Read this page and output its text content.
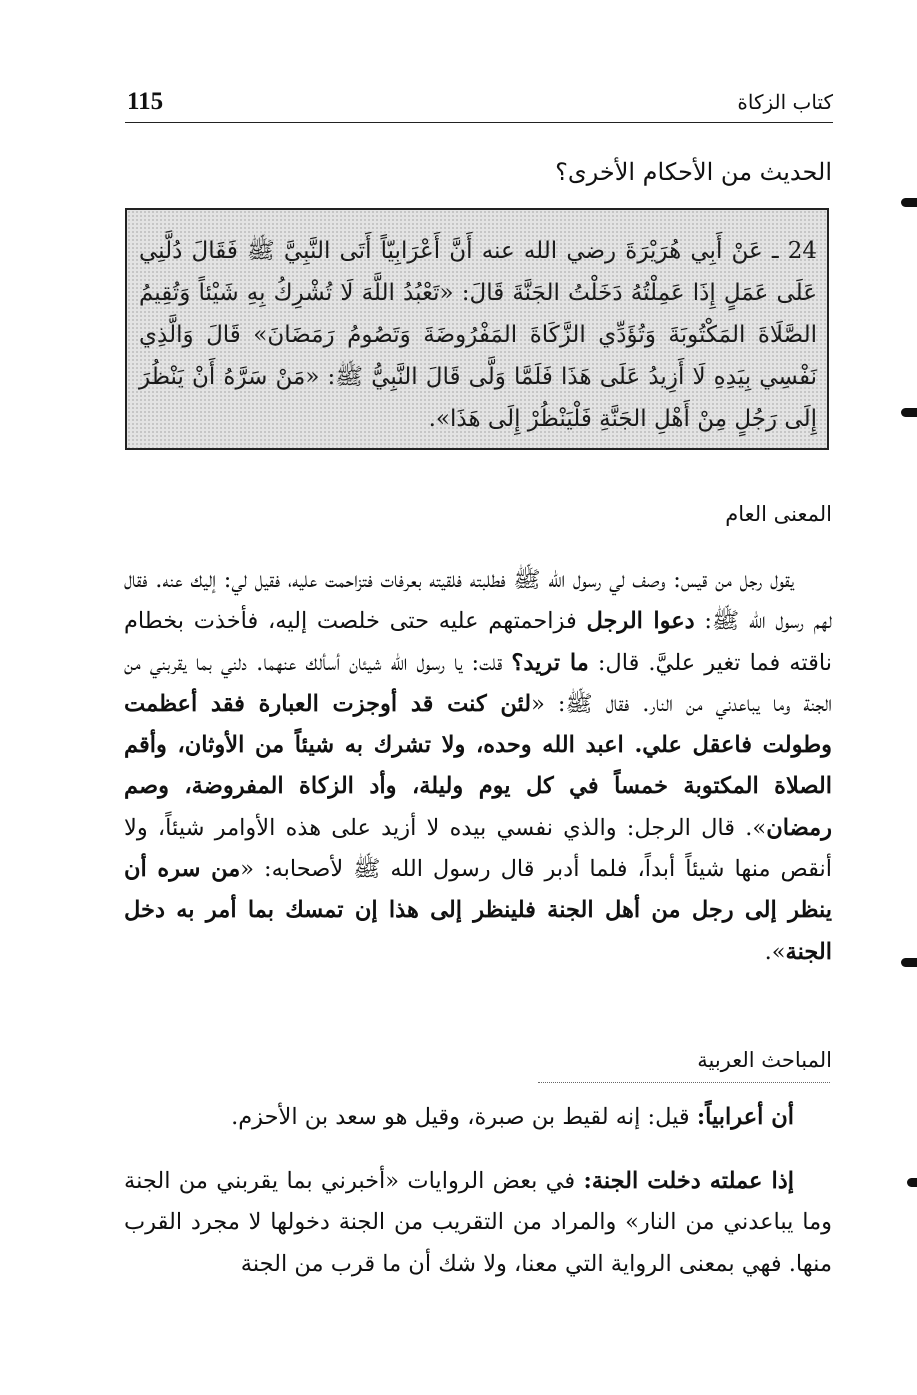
115	كتاب الزكاة
الحديث من الأحكام الأخرى؟
24 ـ عَنْ أَبِي هُرَيْرَةَ رضي الله عنه أَنَّ أَعْرَابِيّاً أَتَى النَّبِيَّ ﷺ فَقَالَ دُلَّنِي عَلَى عَمَلٍ إِذَا عَمِلْتُهُ دَخَلْتُ الجَنَّةَ قَالَ: «تَعْبُدُ اللَّهَ لَا تُشْرِكُ بِهِ شَيْئاً وَتُقِيمُ الصَّلَاةَ المَكْتُوبَةَ وَتُؤَدِّي الزَّكَاةَ المَفْرُوضَةَ وَتَصُومُ رَمَضَانَ» قَالَ وَالَّذِي نَفْسِي بِيَدِهِ لَا أَزِيدُ عَلَى هَذَا فَلَمَّا وَلَّى قَالَ النَّبِيُّ ﷺ: «مَنْ سَرَّهُ أَنْ يَنْظُرَ إِلَى رَجُلٍ مِنْ أَهْلِ الجَنَّةِ فَلْيَنْظُرْ إِلَى هَذَا».
المعنى العام
يقول رجل من قيس: وصف لي رسول الله ﷺ فطلبته فلقيته بعرفات فتزاحمت عليه، فقيل لي: إليك عنه. فقال لهم رسول الله ﷺ: دعوا الرجل فزاحمتهم عليه حتى خلصت إليه، فأخذت بخطام ناقته فما تغير عليَّ. قال: ما تريد؟ قلت: يا رسول الله شيئان أسألك عنهما. دلني بما يقربني من الجنة وما يباعدني من النار. فقال ﷺ: «لئن كنت قد أوجزت العبارة فقد أعظمت وطولت فاعقل علي. اعبد الله وحده، ولا تشرك به شيئاً من الأوثان، وأقم الصلاة المكتوبة خمساً في كل يوم وليلة، وأد الزكاة المفروضة، وصم رمضان». قال الرجل: والذي نفسي بيده لا أزيد على هذه الأوامر شيئاً، ولا أنقص منها شيئاً أبداً، فلما أدبر قال رسول الله ﷺ لأصحابه: «من سره أن ينظر إلى رجل من أهل الجنة فلينظر إلى هذا إن تمسك بما أمر به دخل الجنة».
المباحث العربية
أن أعرابياً: قيل: إنه لقيط بن صبرة، وقيل هو سعد بن الأحزم.
إذا عملته دخلت الجنة: في بعض الروايات «أخبرني بما يقربني من الجنة وما يباعدني من النار» والمراد من التقريب من الجنة دخولها لا مجرد القرب منها. فهي بمعنى الرواية التي معنا، ولا شك أن ما قرب من الجنة
